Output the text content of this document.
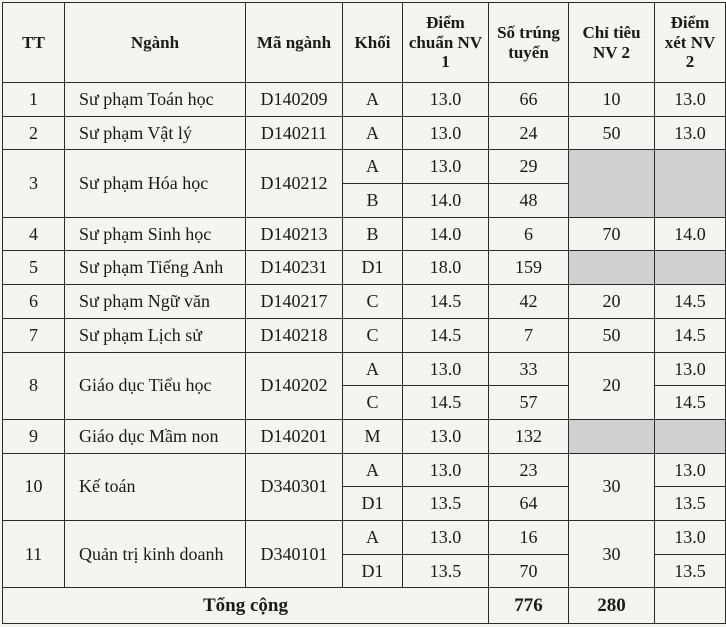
TT	Ngành	Mã ngành	Khối	Điểm chuẩn NV 1	Số trúng tuyển	Chỉ tiêu NV 2	Điểm xét NV 2
1	Sư phạm Toán học	D140209	A	13.0	66	10	13.0
2	Sư phạm Vật lý	D140211	A	13.0	24	50	13.0
3	Sư phạm Hóa học	D140212	A	13.0	29		
			B	14.0	48		
4	Sư phạm Sinh học	D140213	B	14.0	6	70	14.0
5	Sư phạm Tiếng Anh	D140231	D1	18.0	159		
6	Sư phạm Ngữ văn	D140217	C	14.5	42	20	14.5
7	Sư phạm Lịch sử	D140218	C	14.5	7	50	14.5
8	Giáo dục Tiểu học	D140202	A	13.0	33	20	13.0
			C	14.5	57		14.5
9	Giáo dục Mầm non	D140201	M	13.0	132		
10	Kế toán	D340301	A	13.0	23	30	13.0
			D1	13.5	64		13.5
11	Quản trị kinh doanh	D340101	A	13.0	16	30	13.0
			D1	13.5	70		13.5
Tổng cộng					776	280	
